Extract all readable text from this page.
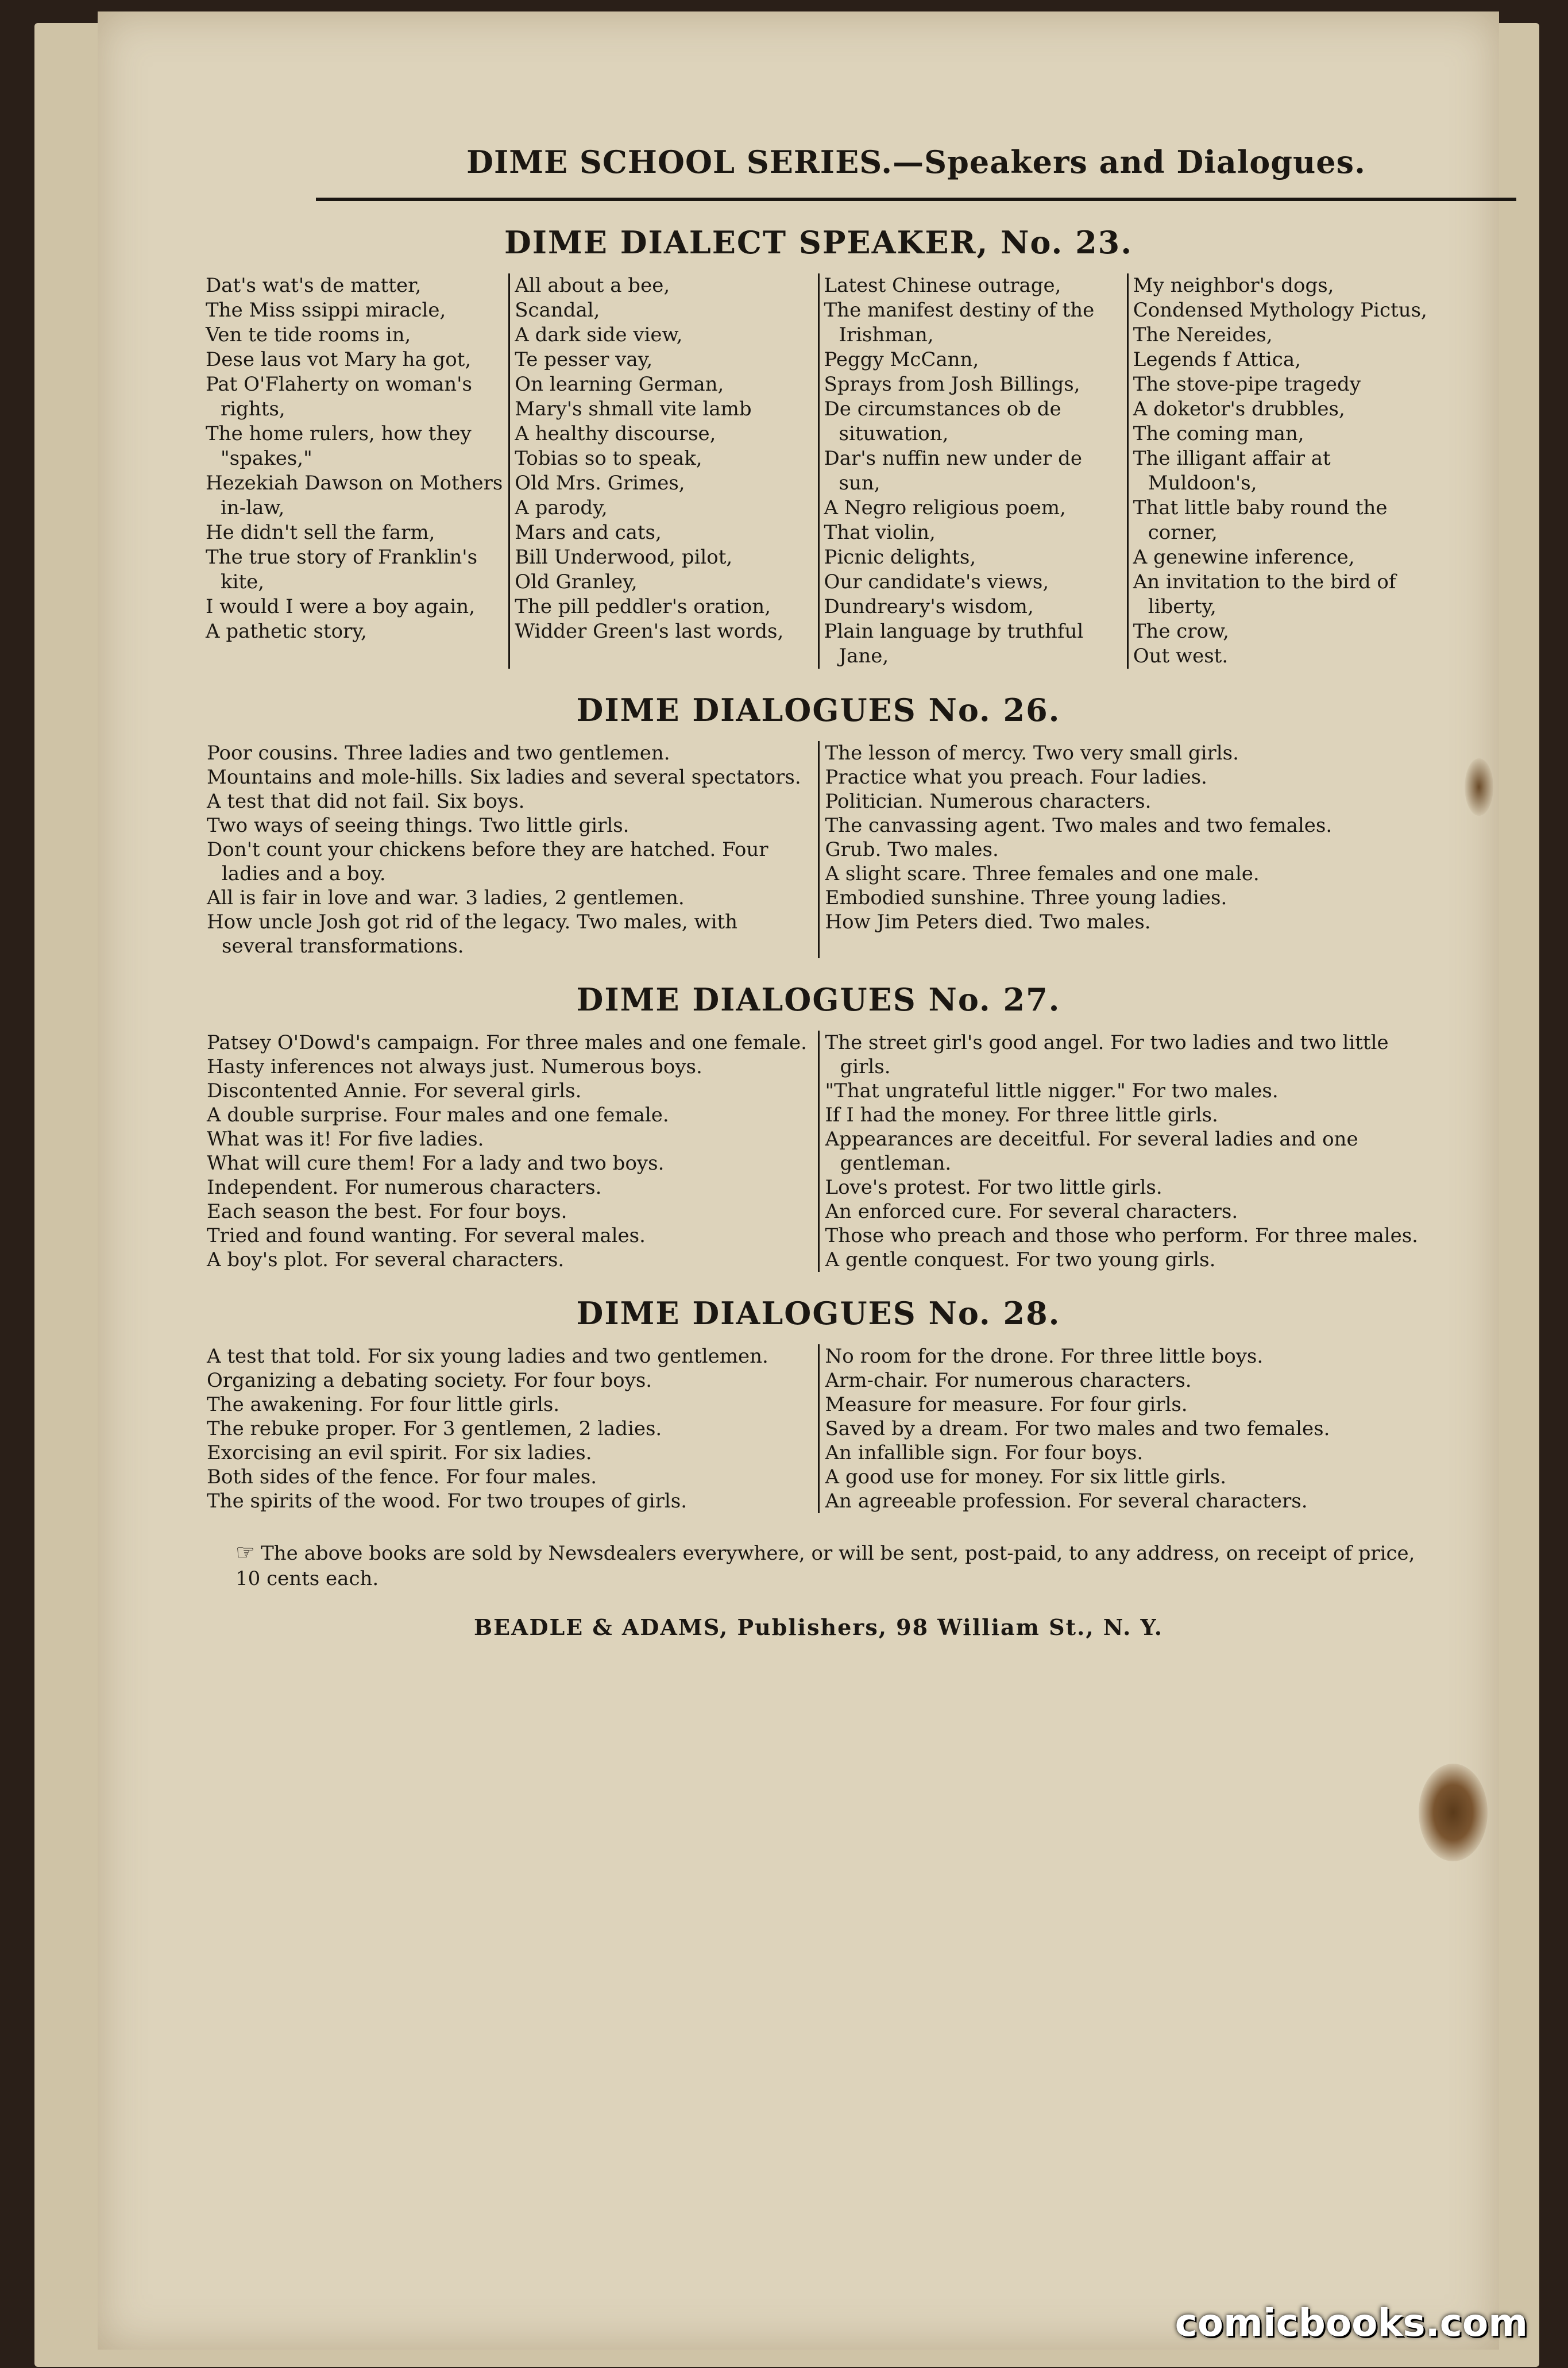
DIME SCHOOL SERIES.—Speakers and Dialogues.
DIME DIALECT SPEAKER, No. 23.
Dat's wat's de matter,
The Miss ssippi miracle,
Ven te tide rooms in,
Dese laus vot Mary ha got,
Pat O'Flaherty on woman's rights,
The home rulers, how they "spakes,"
Hezekiah Dawson on Mothers in-law,
He didn't sell the farm,
The true story of Franklin's kite,
I would I were a boy again,
A pathetic story,
All about a bee,
Scandal,
A dark side view,
Te pesser vay,
On learning German,
Mary's shmall vite lamb
A healthy discourse,
Tobias so to speak,
Old Mrs. Grimes,
A parody,
Mars and cats,
Bill Underwood, pilot,
Old Granley,
The pill peddler's oration,
Widder Green's last words,
Latest Chinese outrage,
The manifest destiny of the Irishman,
Peggy McCann,
Sprays from Josh Billings,
De circumstances ob de situwation,
Dar's nuffin new under de sun,
A Negro religious poem,
That violin,
Picnic delights,
Our candidate's views,
Dundreary's wisdom,
Plain language by truthful Jane,
My neighbor's dogs,
Condensed Mythology Pictus,
The Nereides,
Legends f Attica,
The stove-pipe tragedy
A doketor's drubbles,
The coming man,
The illigant affair at Muldoon's,
That little baby round the corner,
A genewine inference,
An invitation to the bird of liberty,
The crow,
Out west.
DIME DIALOGUES No. 26.
Poor cousins. Three ladies and two gentlemen.
Mountains and mole-hills. Six ladies and several spectators.
A test that did not fail. Six boys.
Two ways of seeing things. Two little girls.
Don't count your chickens before they are hatched. Four ladies and a boy.
All is fair in love and war. 3 ladies, 2 gentlemen.
How uncle Josh got rid of the legacy. Two males, with several transformations.
The lesson of mercy. Two very small girls.
Practice what you preach. Four ladies.
Politician. Numerous characters.
The canvassing agent. Two males and two females.
Grub. Two males.
A slight scare. Three females and one male.
Embodied sunshine. Three young ladies.
How Jim Peters died. Two males.
DIME DIALOGUES No. 27.
Patsey O'Dowd's campaign. For three males and one female.
Hasty inferences not always just. Numerous boys.
Discontented Annie. For several girls.
A double surprise. Four males and one female.
What was it! For five ladies.
What will cure them! For a lady and two boys.
Independent. For numerous characters.
Each season the best. For four boys.
Tried and found wanting. For several males.
A boy's plot. For several characters.
The street girl's good angel. For two ladies and two little girls.
"That ungrateful little nigger." For two males.
If I had the money. For three little girls.
Appearances are deceitful. For several ladies and one gentleman.
Love's protest. For two little girls.
An enforced cure. For several characters.
Those who preach and those who perform. For three males.
A gentle conquest. For two young girls.
DIME DIALOGUES No. 28.
A test that told. For six young ladies and two gentlemen.
Organizing a debating society. For four boys.
The awakening. For four little girls.
The rebuke proper. For 3 gentlemen, 2 ladies.
Exorcising an evil spirit. For six ladies.
Both sides of the fence. For four males.
The spirits of the wood. For two troupes of girls.
No room for the drone. For three little boys.
Arm-chair. For numerous characters.
Measure for measure. For four girls.
Saved by a dream. For two males and two females.
An infallible sign. For four boys.
A good use for money. For six little girls.
An agreeable profession. For several characters.
☞ The above books are sold by Newsdealers everywhere, or will be sent, post-paid, to any address, on receipt of price, 10 cents each.
BEADLE & ADAMS, Publishers, 98 William St., N. Y.
comicbooks.com
